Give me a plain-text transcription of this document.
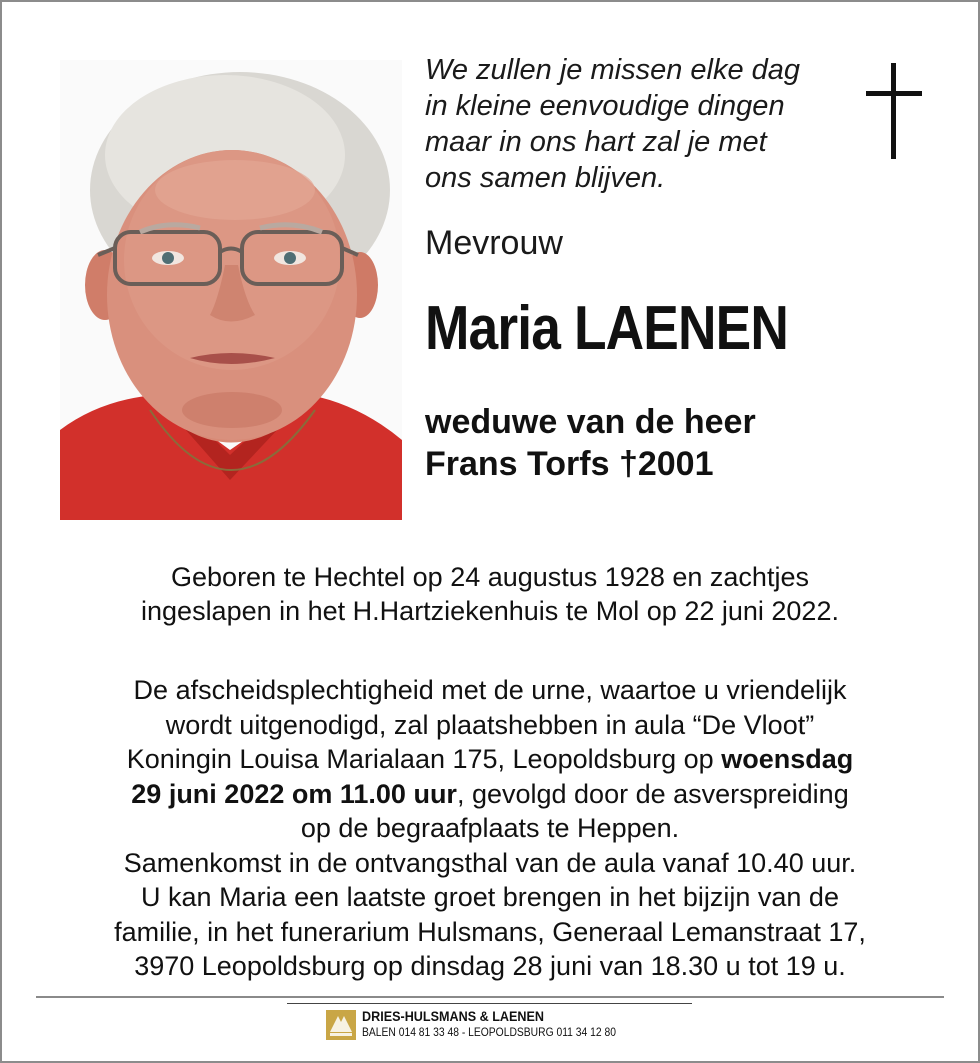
We zullen je missen elke dag
in kleine eenvoudige dingen
maar in ons hart zal je met
ons samen blijven.
Mevrouw
Maria LAENEN
weduwe van de heer
Frans Torfs †2001
Geboren te Hechtel op 24 augustus 1928 en zachtjes
ingeslapen in het H.Hartziekenhuis te Mol op 22 juni 2022.
De afscheidsplechtigheid met de urne, waartoe u vriendelijk
wordt uitgenodigd, zal plaatshebben in aula “De Vloot”
Koningin Louisa Marialaan 175, Leopoldsburg op woensdag
29 juni 2022 om 11.00 uur, gevolgd door de asverspreiding
op de begraafplaats te Heppen.
Samenkomst in de ontvangsthal van de aula vanaf 10.40 uur.
U kan Maria een laatste groet brengen in het bijzijn van de
familie, in het funerarium Hulsmans, Generaal Lemanstraat 17,
3970 Leopoldsburg op dinsdag 28 juni van 18.30 u tot 19 u.
DRIES-HULSMANS & LAENEN
BALEN 014 81 33 48 - LEOPOLDSBURG 011 34 12 80
